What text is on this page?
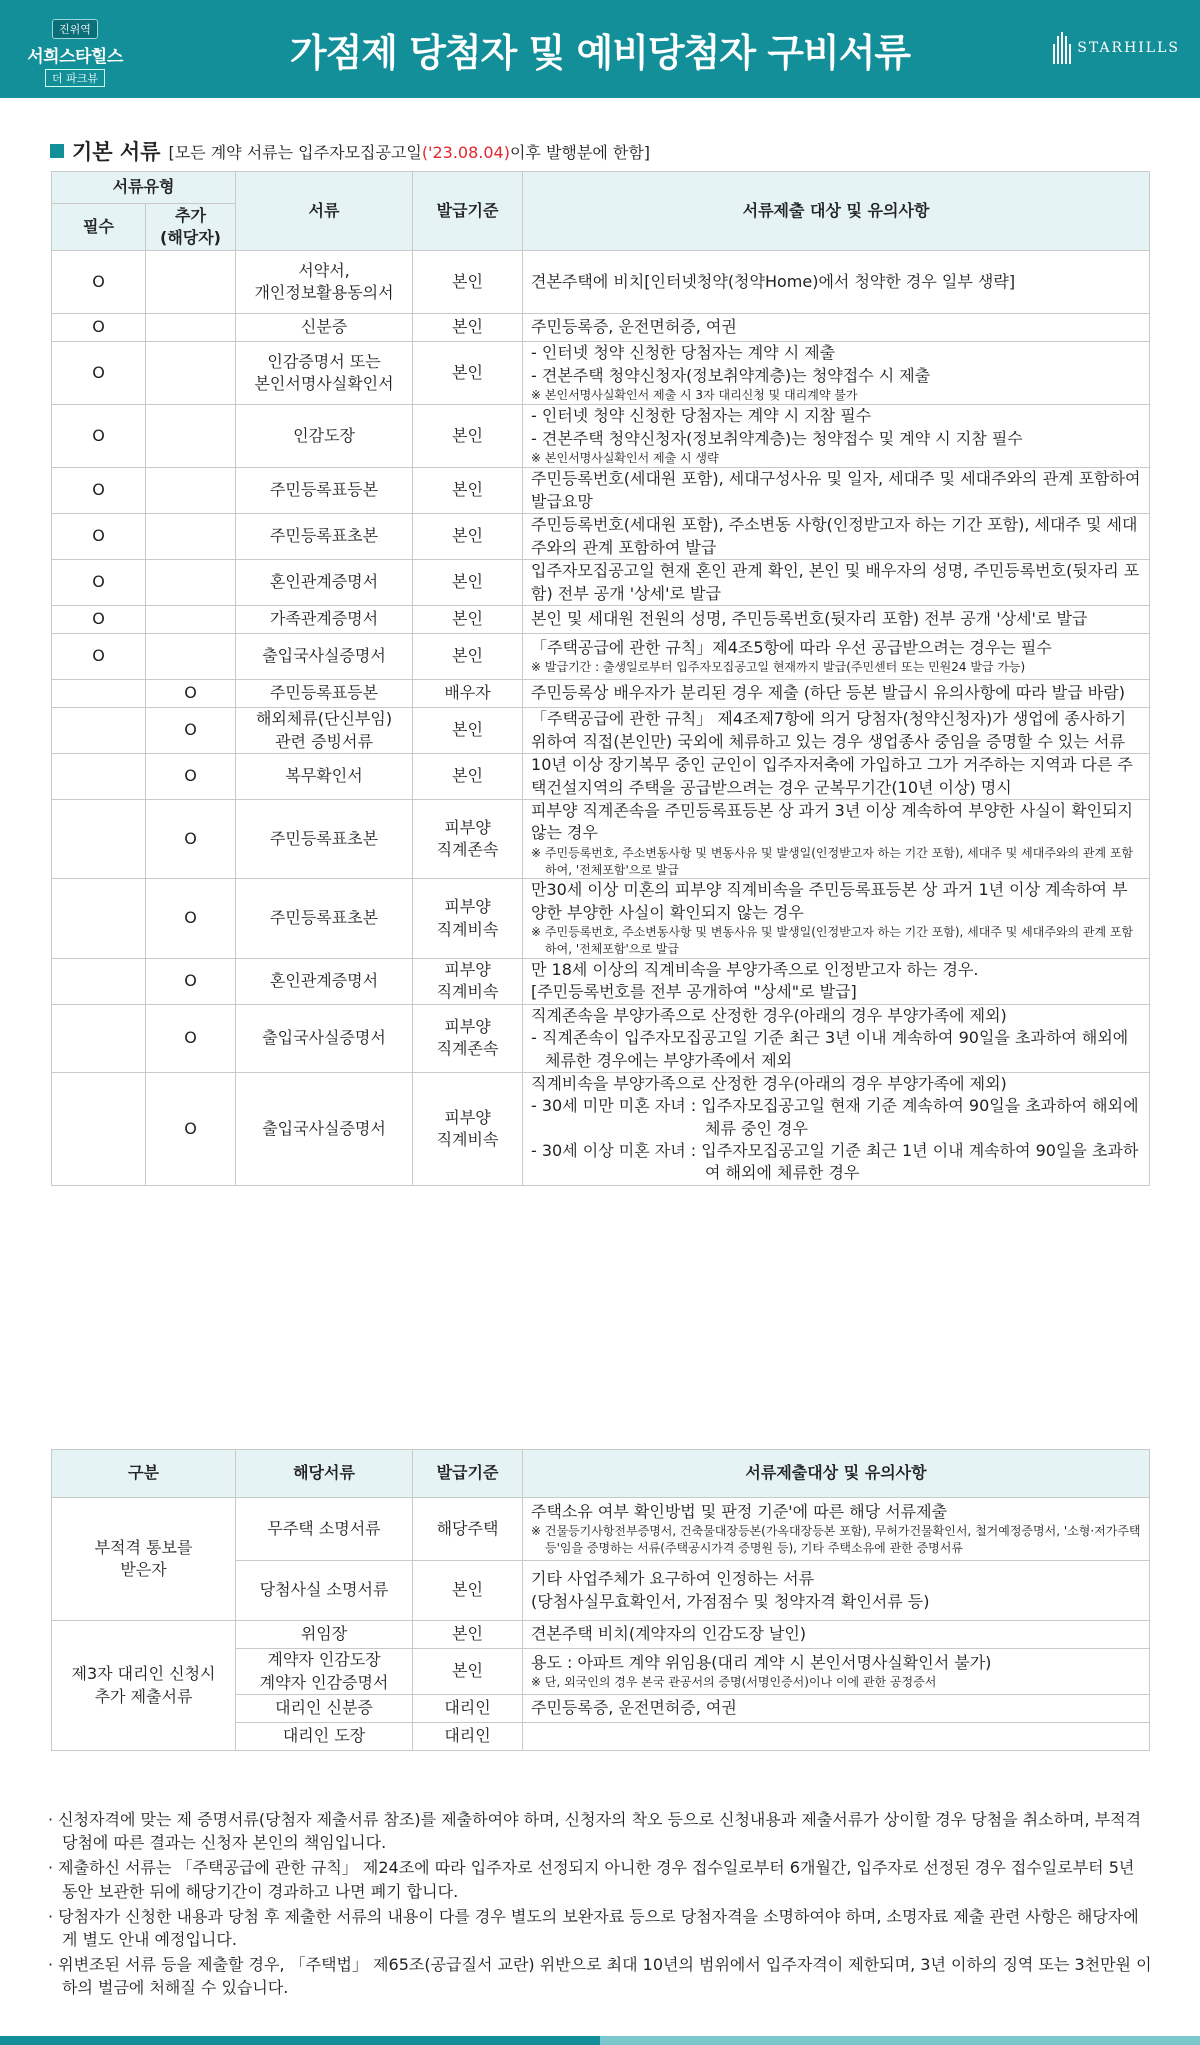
진위역
서희스타힐스
더 파크뷰
가점제 당첨자 및 예비당첨자 구비서류	STARHILLS
기본 서류 [모든 계약 서류는 입주자모집공고일('23.08.04)이후 발행분에 한함]
서류유형		서류	발급기준	서류제출 대상 및 유의사항
필수	추가
(해당자)			
O		서약서,
개인정보활용동의서	본인	견본주택에 비치[인터넷청약(청약Home)에서 청약한 경우 일부 생략]

O		신분증	본인	주민등록증, 운전면허증, 여권

O		인감증명서 또는
본인서명사실확인서	본인	- 인터넷 청약 신청한 당첨자는 계약 시 제출
- 견본주택 청약신청자(정보취약계층)는 청약접수 시 제출
※ 본인서명사실확인서 제출 시 3자 대리신청 및 대리계약 불가

O		인감도장	본인	- 인터넷 청약 신청한 당첨자는 계약 시 지참 필수
- 견본주택 청약신청자(정보취약계층)는 청약접수 및 계약 시 지참 필수
※ 본인서명사실확인서 제출 시 생략

O		주민등록표등본	본인	주민등록번호(세대원 포함), 세대구성사유 및 일자, 세대주 및 세대주와의 관계 포함하여 발급요망

O		주민등록표초본	본인	주민등록번호(세대원 포함), 주소변동 사항(인정받고자 하는 기간 포함), 세대주 및 세대주와의 관계 포함하여 발급

O		혼인관계증명서	본인	입주자모집공고일 현재 혼인 관계 확인, 본인 및 배우자의 성명, 주민등록번호(뒷자리 포함) 전부 공개 '상세'로 발급

O		가족관계증명서	본인	본인 및 세대원 전원의 성명, 주민등록번호(뒷자리 포함) 전부 공개 '상세'로 발급

O		출입국사실증명서	본인	「주택공급에 관한 규칙」제4조5항에 따라 우선 공급받으려는 경우는 필수
※ 발급기간 : 출생일로부터 입주자모집공고일 현재까지 발급(주민센터 또는 민원24 발급 가능)

	O	주민등록표등본	배우자	주민등록상 배우자가 분리된 경우 제출 (하단 등본 발급시 유의사항에 따라 발급 바람)

	O	해외체류(단신부임)
관련 증빙서류	본인	「주택공급에 관한 규칙」 제4조제7항에 의거 당첨자(청약신청자)가 생업에 종사하기 위하여 직접(본인만) 국외에 체류하고 있는 경우 생업종사 중임을 증명할 수 있는 서류

	O	복무확인서	본인	10년 이상 장기복무 중인 군인이 입주자저축에 가입하고 그가 거주하는 지역과 다른 주택건설지역의 주택을 공급받으려는 경우 군복무기간(10년 이상) 명시

	O	주민등록표초본	피부양
직계존속	피부양 직계존속을 주민등록표등본 상 과거 3년 이상 계속하여 부양한 사실이 확인되지 않는 경우
※ 주민등록번호, 주소변동사항 및 변동사유 및 발생일(인정받고자 하는 기간 포함), 세대주 및 세대주와의 관계 포함하여, '전체포함'으로 발급

	O	주민등록표초본	피부양
직계비속	만30세 이상 미혼의 피부양 직계비속을 주민등록표등본 상 과거 1년 이상 계속하여 부양한 부양한 사실이 확인되지 않는 경우
※ 주민등록번호, 주소변동사항 및 변동사유 및 발생일(인정받고자 하는 기간 포함), 세대주 및 세대주와의 관계 포함하여, '전체포함'으로 발급

	O	혼인관계증명서	피부양
직계비속	만 18세 이상의 직계비속을 부양가족으로 인정받고자 하는 경우.
[주민등록번호를 전부 공개하여 "상세"로 발급]

	O	출입국사실증명서	피부양
직계존속	직계존속을 부양가족으로 산정한 경우(아래의 경우 부양가족에 제외)
- 직계존속이 입주자모집공고일 기준 최근 3년 이내 계속하여 90일을 초과하여 해외에 체류한 경우에는 부양가족에서 제외

	O	출입국사실증명서	피부양
직계비속	직계비속을 부양가족으로 산정한 경우(아래의 경우 부양가족에 제외)
- 30세 미만 미혼 자녀 : 입주자모집공고일 현재 기준 계속하여 90일을 초과하여 해외에 체류 중인 경우
- 30세 이상 미혼 자녀 : 입주자모집공고일 기준 최근 1년 이내 계속하여 90일을 초과하여 해외에 체류한 경우
구분	해당서류	발급기준	서류제출대상 및 유의사항
부적격 통보를
받은자	무주택 소명서류	해당주택	주택소유 여부 확인방법 및 판정 기준'에 따른 해당 서류제출
※ 건물등기사항전부증명서, 건축물대장등본(가옥대장등본 포함), 무허가건물확인서, 철거예정증명서, '소형·저가주택등'임을 증명하는 서류(주택공시가격 증명원 등), 기타 주택소유에 관한 증명서류

	당첨사실 소명서류	본인	기타 사업주체가 요구하여 인정하는 서류
(당첨사실무효확인서, 가점점수 및 청약자격 확인서류 등)

제3자 대리인 신청시
추가 제출서류	위임장	본인	견본주택 비치(계약자의 인감도장 날인)

	계약자 인감도장
계약자 인감증명서	본인	용도 : 아파트 계약 위임용(대리 계약 시 본인서명사실확인서 불가)
※ 단, 외국인의 경우 본국 관공서의 증명(서명인증서)이나 이에 관한 공정증서

	대리인 신분증	대리인	주민등록증, 운전면허증, 여권

	대리인 도장	대리인	

· 신청자격에 맞는 제 증명서류(당첨자 제출서류 참조)를 제출하여야 하며, 신청자의 착오 등으로 신청내용과 제출서류가 상이할 경우 당첨을 취소하며, 부적격 당첨에 따른 결과는 신청자 본인의 책임입니다.

· 제출하신 서류는 「주택공급에 관한 규칙」 제24조에 따라 입주자로 선정되지 아니한 경우 접수일로부터 6개월간, 입주자로 선정된 경우 접수일로부터 5년 동안 보관한 뒤에 해당기간이 경과하고 나면 폐기 합니다.

· 당첨자가 신청한 내용과 당첨 후 제출한 서류의 내용이 다를 경우 별도의 보완자료 등으로 당첨자격을 소명하여야 하며, 소명자료 제출 관련 사항은 해당자에게 별도 안내 예정입니다.

· 위변조된 서류 등을 제출할 경우, 「주택법」 제65조(공급질서 교란) 위반으로 최대 10년의 범위에서 입주자격이 제한되며, 3년 이하의 징역 또는 3천만원 이하의 벌금에 처해질 수 있습니다.
